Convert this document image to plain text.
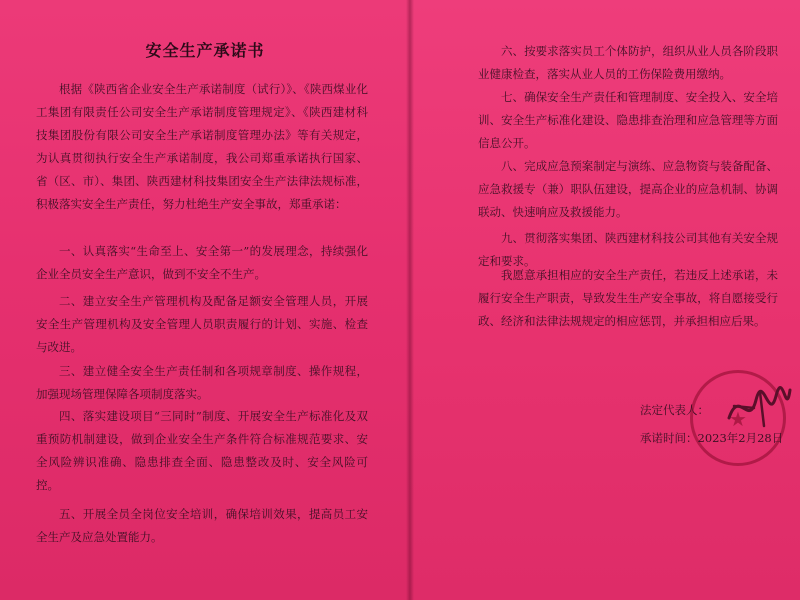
安全生产承诺书
根据《陕西省企业安全生产承诺制度（试行）》、《陕西煤业化工集团有限责任公司安全生产承诺制度管理规定》、《陕西建材科技集团股份有限公司安全生产承诺制度管理办法》等有关规定，为认真贯彻执行安全生产承诺制度，我公司郑重承诺执行国家、省（区、市）、集团、陕西建材科技集团安全生产法律法规标准，积极落实安全生产责任，努力杜绝生产安全事故，郑重承诺：
一、认真落实“生命至上、安全第一”的发展理念，持续强化企业全员安全生产意识，做到不安全不生产。
二、建立安全生产管理机构及配备足额安全管理人员，开展安全生产管理机构及安全管理人员职责履行的计划、实施、检查与改进。
三、建立健全安全生产责任制和各项规章制度、操作规程，加强现场管理保障各项制度落实。
四、落实建设项目“三同时”制度、开展安全生产标准化及双重预防机制建设，做到企业安全生产条件符合标准规范要求、安全风险辨识准确、隐患排查全面、隐患整改及时、安全风险可控。
五、开展全员全岗位安全培训，确保培训效果，提高员工安全生产及应急处置能力。
六、按要求落实员工个体防护，组织从业人员各阶段职业健康检查，落实从业人员的工伤保险费用缴纳。
七、确保安全生产责任和管理制度、安全投入、安全培训、安全生产标准化建设、隐患排查治理和应急管理等方面信息公开。
八、完成应急预案制定与演练、应急物资与装备配备、应急救援专（兼）职队伍建设，提高企业的应急机制、协调联动、快速响应及救援能力。
九、贯彻落实集团、陕西建材科技公司其他有关安全规定和要求。
我愿意承担相应的安全生产责任，若违反上述承诺，未履行安全生产职责，导致发生生产安全事故，将自愿接受行政、经济和法律法规规定的相应惩罚，并承担相应后果。
★
法定代表人：
承诺时间：2023年2月28日
